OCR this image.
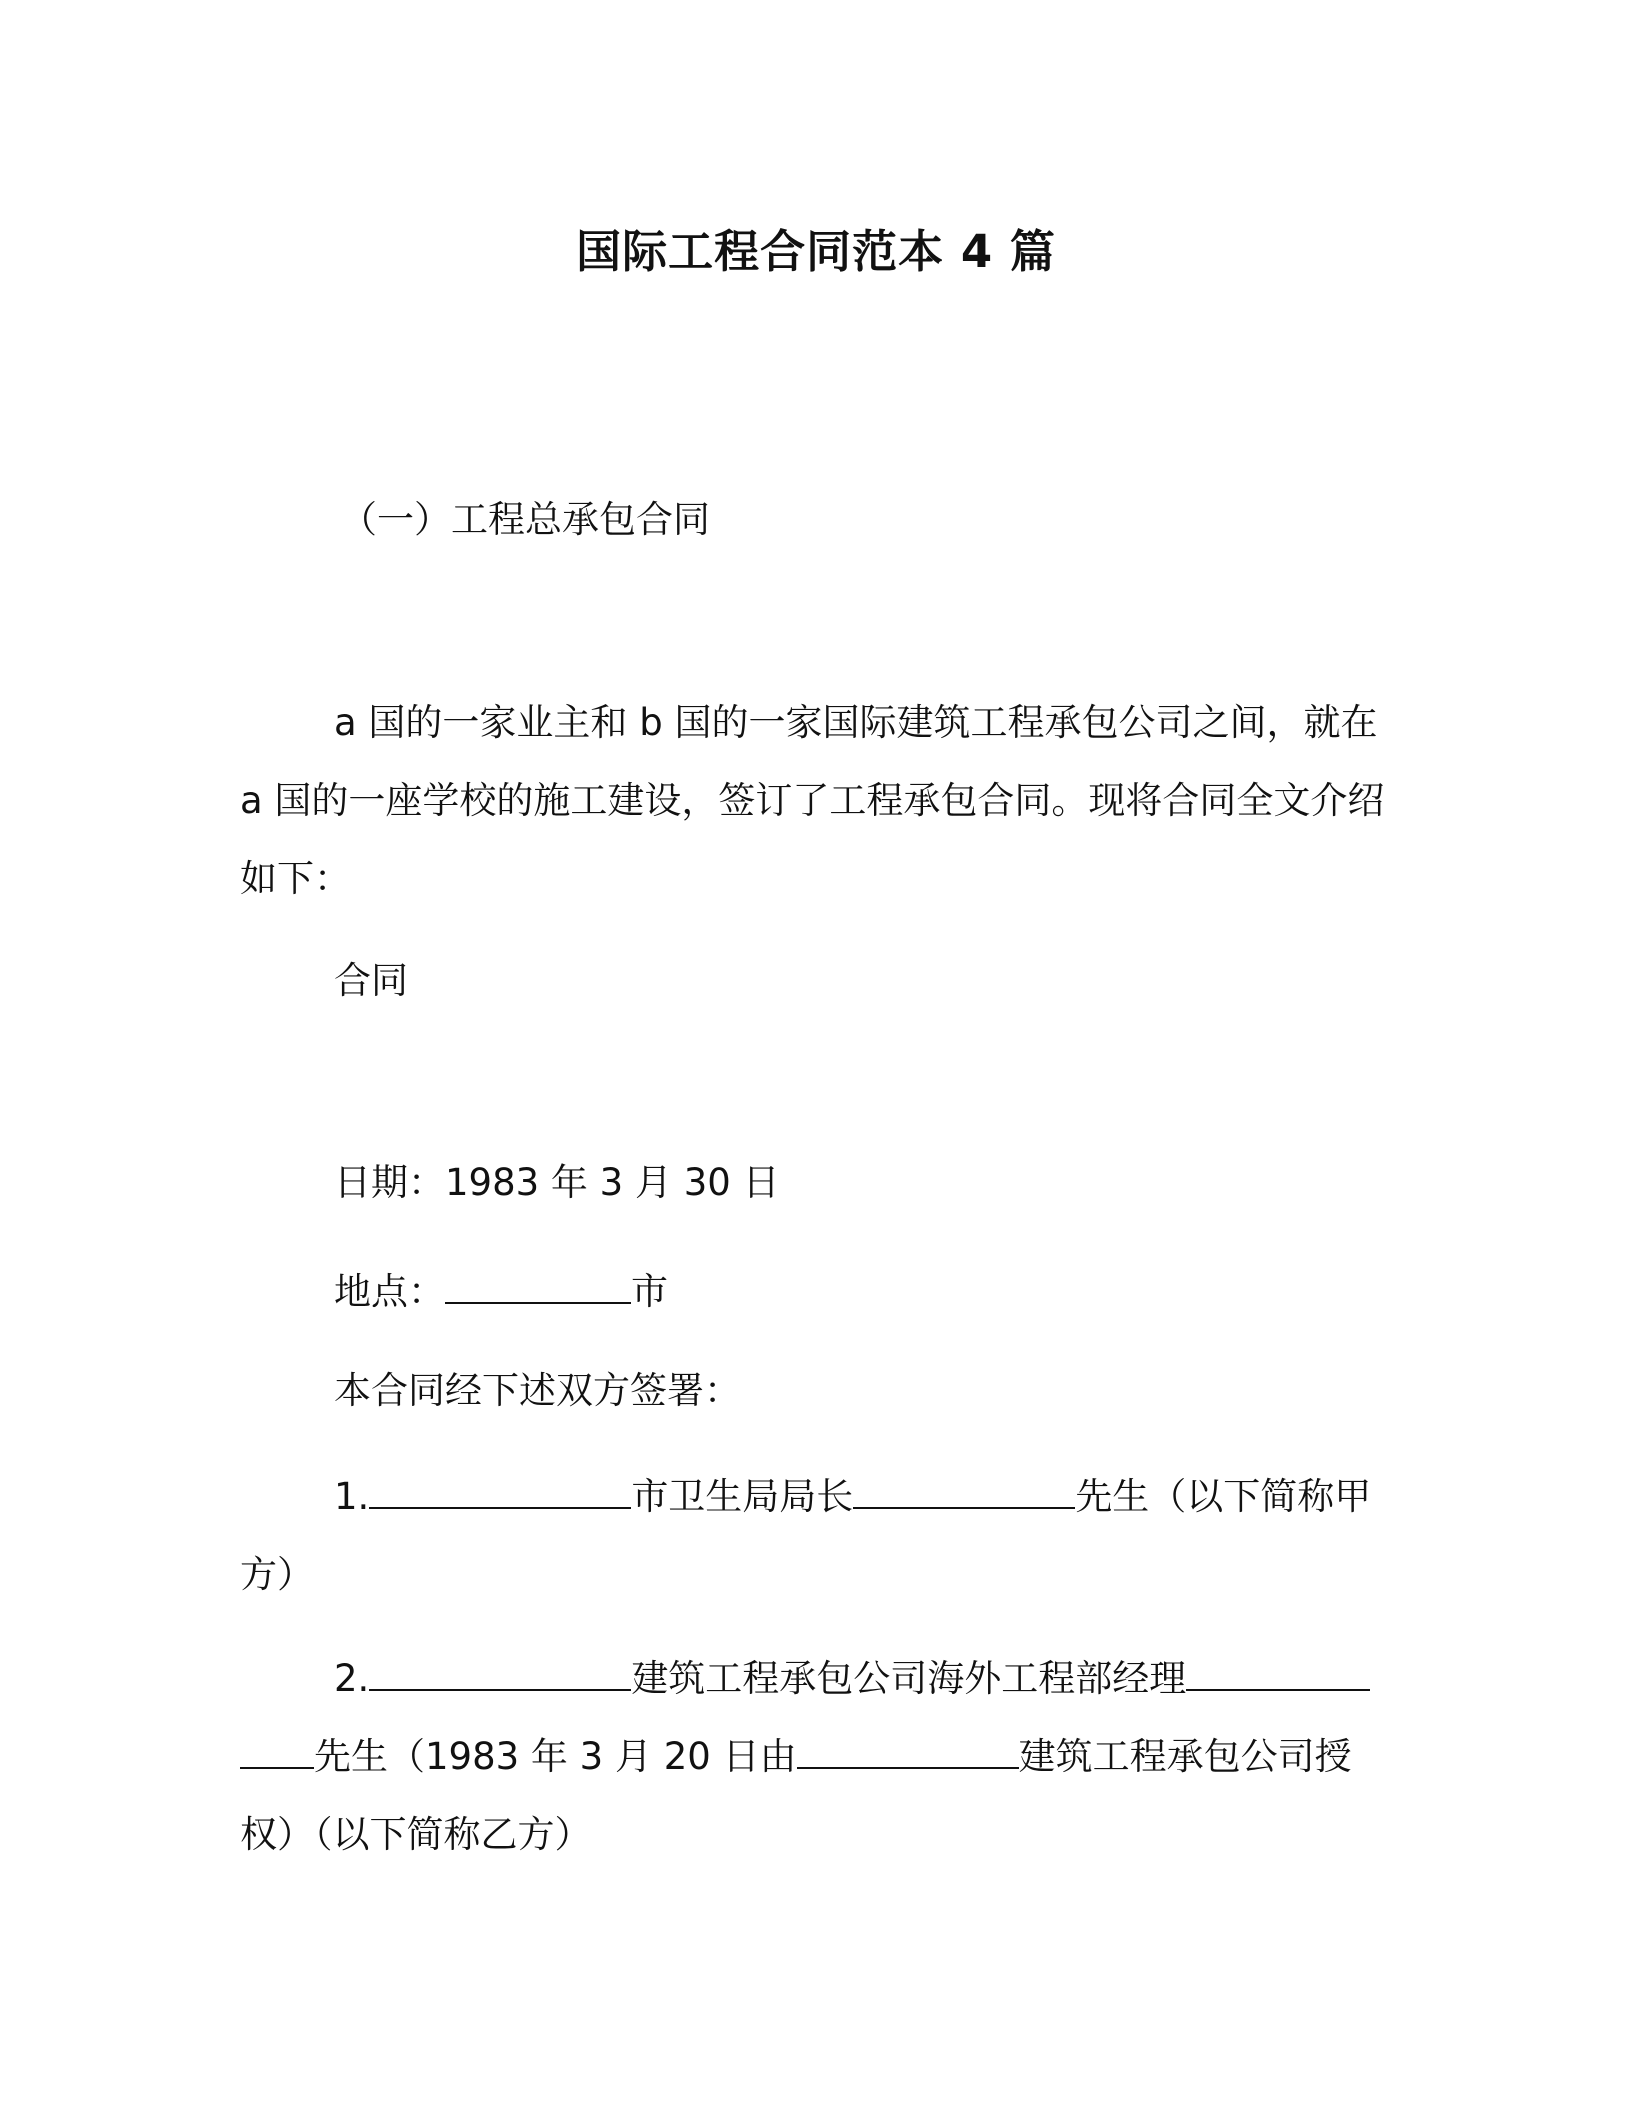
国际工程合同范本 4 篇
（一）工程总承包合同
a 国的一家业主和 b 国的一家国际建筑工程承包公司之间，就在 a 国的一座学校的施工建设，签订了工程承包合同。现将合同全文介绍如下：
合同
日期：1983 年 3 月 30 日
地点：	市
本合同经下述双方签署：
1.	市卫生局局长	先生（以下简称甲方）
2.	建筑工程承包公司海外工程部经理先生（1983 年 3 月 20 日由	建筑工程承包公司授权）（以下简称乙方）
